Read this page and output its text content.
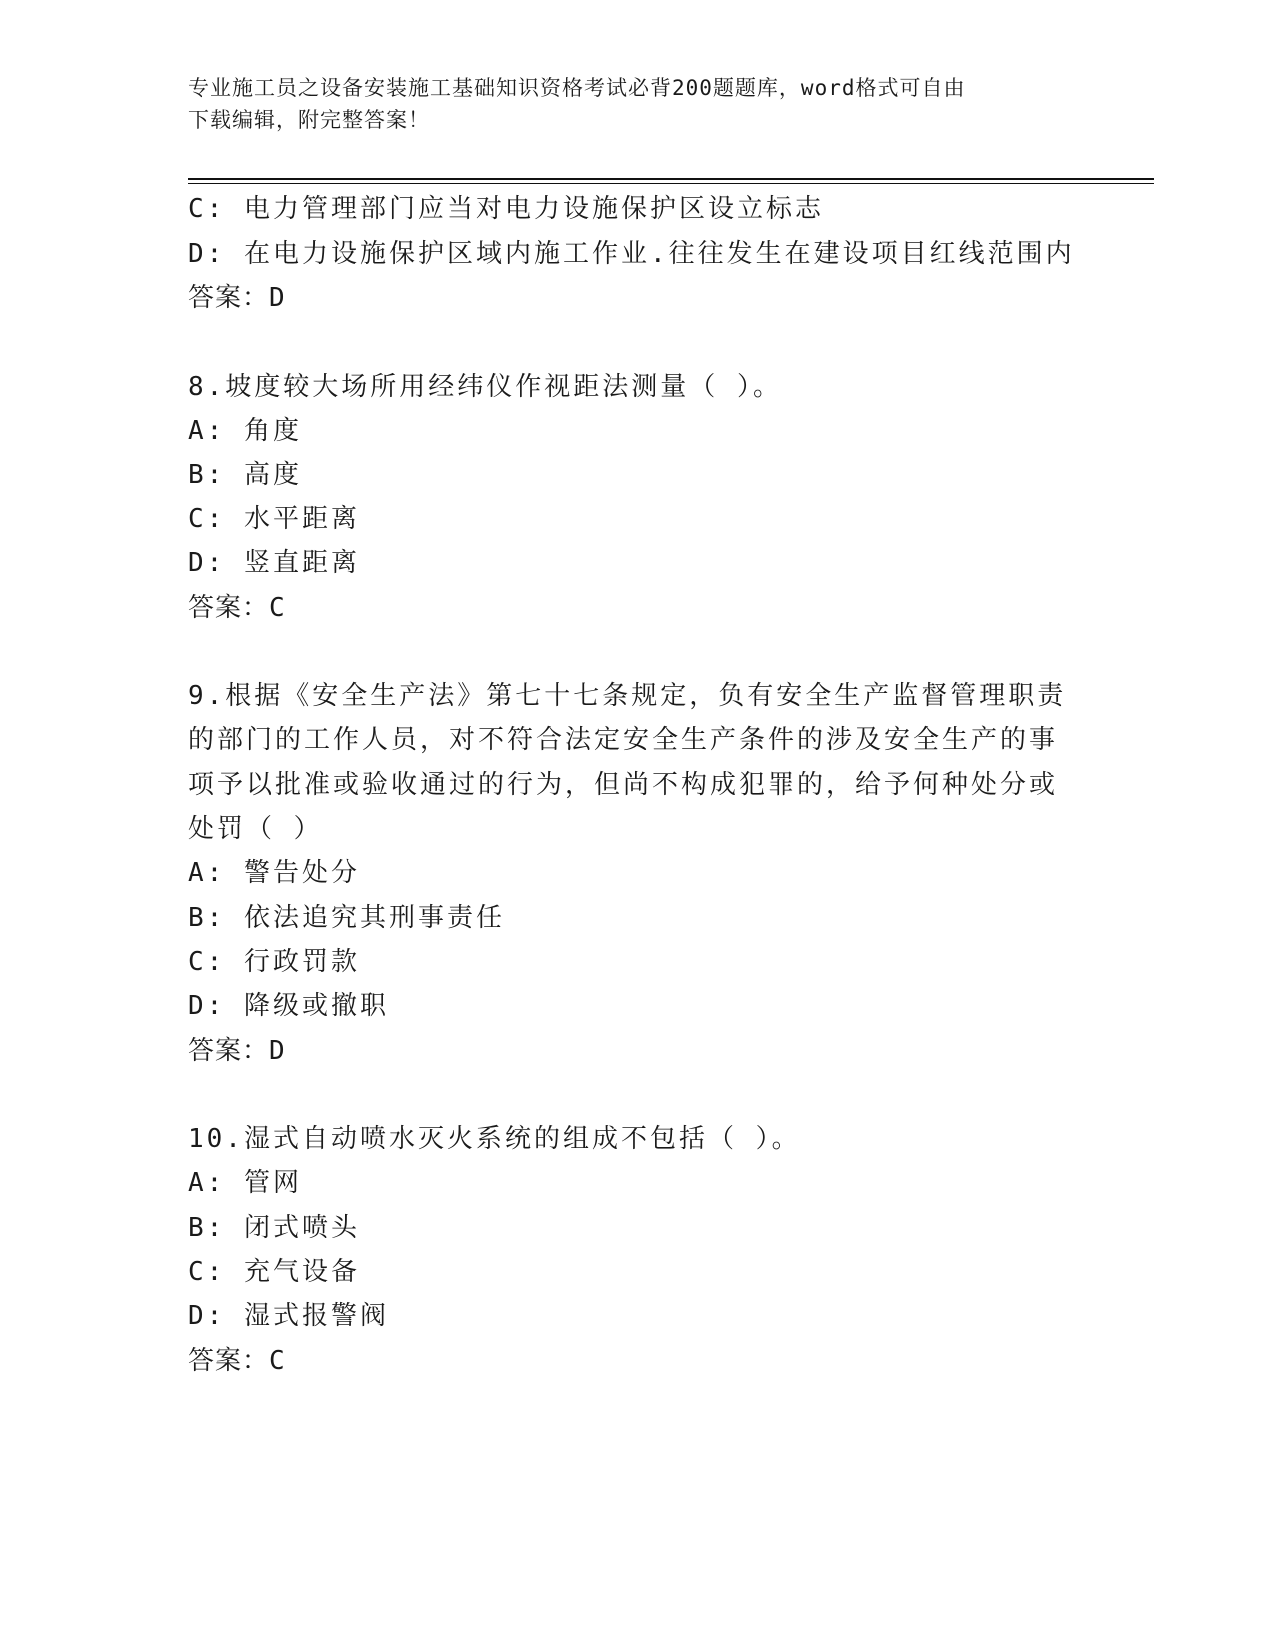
专业施工员之设备安装施工基础知识资格考试必背200题题库，word格式可自由
下载编辑，附完整答案！
C: 电力管理部门应当对电力设施保护区设立标志
D: 在电力设施保护区域内施工作业.往往发生在建设项目红线范围内
答案：D
8.坡度较大场所用经纬仪作视距法测量（ ）。
A: 角度
B: 高度
C: 水平距离
D: 竖直距离
答案：C
9.根据《安全生产法》第七十七条规定，负有安全生产监督管理职责
的部门的工作人员，对不符合法定安全生产条件的涉及安全生产的事
项予以批准或验收通过的行为，但尚不构成犯罪的，给予何种处分或
处罚（ ）
A: 警告处分
B: 依法追究其刑事责任
C: 行政罚款
D: 降级或撤职
答案：D
10.湿式自动喷水灭火系统的组成不包括（ ）。
A: 管网
B: 闭式喷头
C: 充气设备
D: 湿式报警阀
答案：C
